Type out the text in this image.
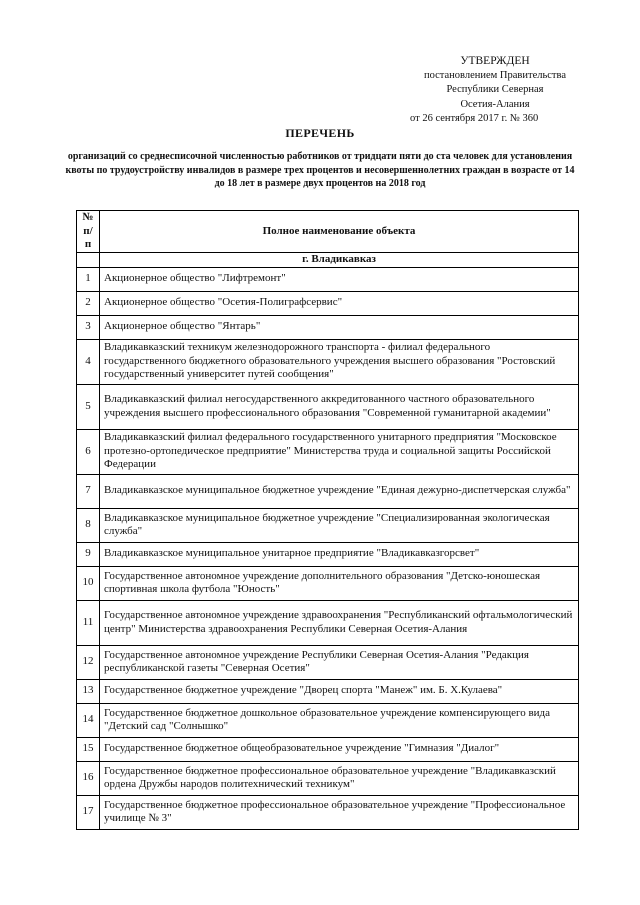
УТВЕРЖДЕН
постановлением Правительства
Республики Северная
Осетия-Алания
от 26 сентября 2017 г. № 360
ПЕРЕЧЕНЬ
организаций со среднесписочной численностью работников от тридцати пяти до ста человек для установления квоты по трудоустройству инвалидов в размере трех процентов и несовершеннолетних граждан в возрасте от 14 до 18 лет в размере двух процентов на 2018 год
№ п/п	Полное наименование объекта
	г. Владикавказ
1	Акционерное общество "Лифтремонт"
2	Акционерное общество "Осетия-Полиграфсервис"
3	Акционерное общество "Янтарь"
4	Владикавказский техникум железнодорожного транспорта - филиал федерального государственного бюджетного образовательного учреждения высшего образования "Ростовский государственный университет путей сообщения"
5	Владикавказский филиал негосударственного аккредитованного частного образовательного учреждения высшего профессионального образования "Современной гуманитарной академии"
6	Владикавказский филиал федерального государственного унитарного предприятия "Московское протезно-ортопедическое предприятие" Министерства труда и социальной защиты Российской Федерации
7	Владикавказское муниципальное бюджетное учреждение "Единая дежурно-диспетчерская служба"
8	Владикавказское муниципальное бюджетное учреждение "Специализированная экологическая служба"
9	Владикавказское муниципальное унитарное предприятие "Владикавказгорсвет"
10	Государственное автономное учреждение дополнительного образования "Детско-юношеская спортивная школа футбола "Юность"
11	Государственное автономное учреждение здравоохранения "Республиканский офтальмологический центр" Министерства здравоохранения Республики Северная Осетия-Алания
12	Государственное автономное учреждение Республики Северная Осетия-Алания "Редакция республиканской газеты "Северная Осетия"
13	Государственное бюджетное учреждение "Дворец спорта "Манеж" им. Б. Х.Кулаева"
14	Государственное бюджетное дошкольное образовательное учреждение компенсирующего вида "Детский сад "Солнышко"
15	Государственное бюджетное общеобразовательное учреждение "Гимназия "Диалог"
16	Государственное бюджетное профессиональное образовательное учреждение "Владикавказский ордена Дружбы народов политехнический техникум"
17	Государственное бюджетное профессиональное образовательное учреждение "Профессиональное училище № 3"
